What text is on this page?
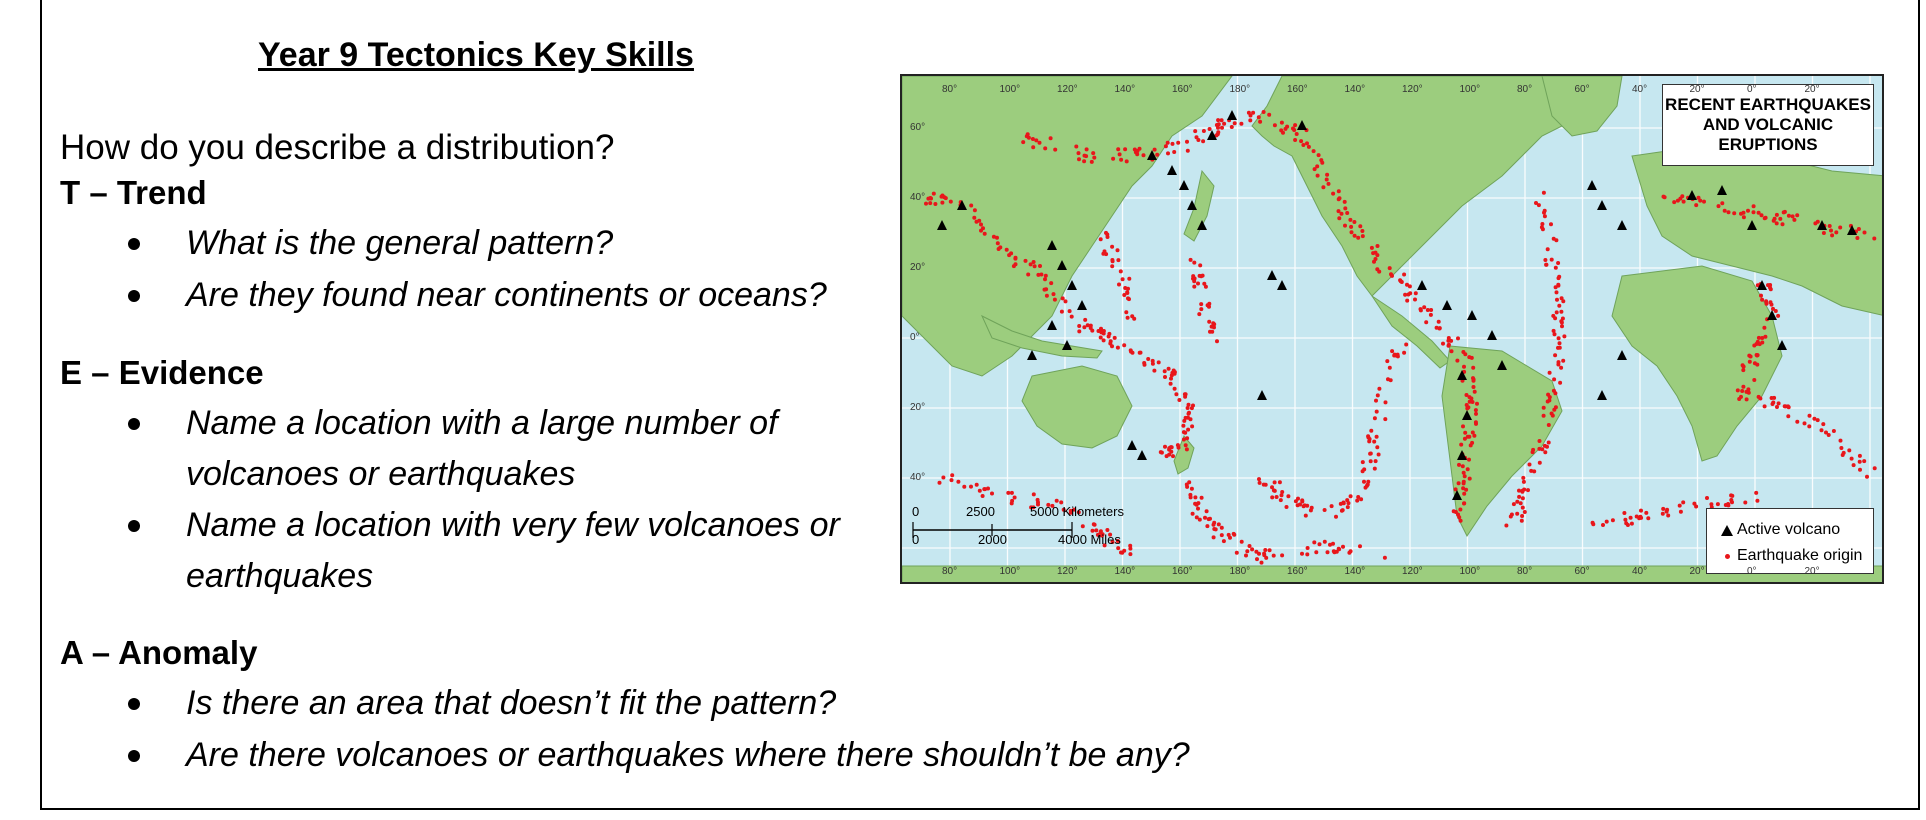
Year 9 Tectonics Key Skills
How do you describe a distribution?
T – Trend
What is the general pattern?
Are they found near continents or oceans?
E – Evidence
Name a location with a large number of volcanoes or earthquakes
Name a location with very few volcanoes or earthquakes
A – Anomaly
Is there an area that doesn’t fit the pattern?
Are there volcanoes or earthquakes where there shouldn’t be any?
RECENT EARTHQUAKES
AND VOLCANIC
ERUPTIONS
Active volcano
Earthquake origin
0	2500	5000 Kilometers
0	2000	4000 Miles
80°	100°	120°	140°	160°	180°	160°	140°	120°	100°	80°	60°	40°	20°	0°	20°
80°	100°	120°	140°	160°	180°	160°	140°	120°	100°	80°	60°	40°	20°	0°	20°
60°
40°
20°
0°
20°
40°
